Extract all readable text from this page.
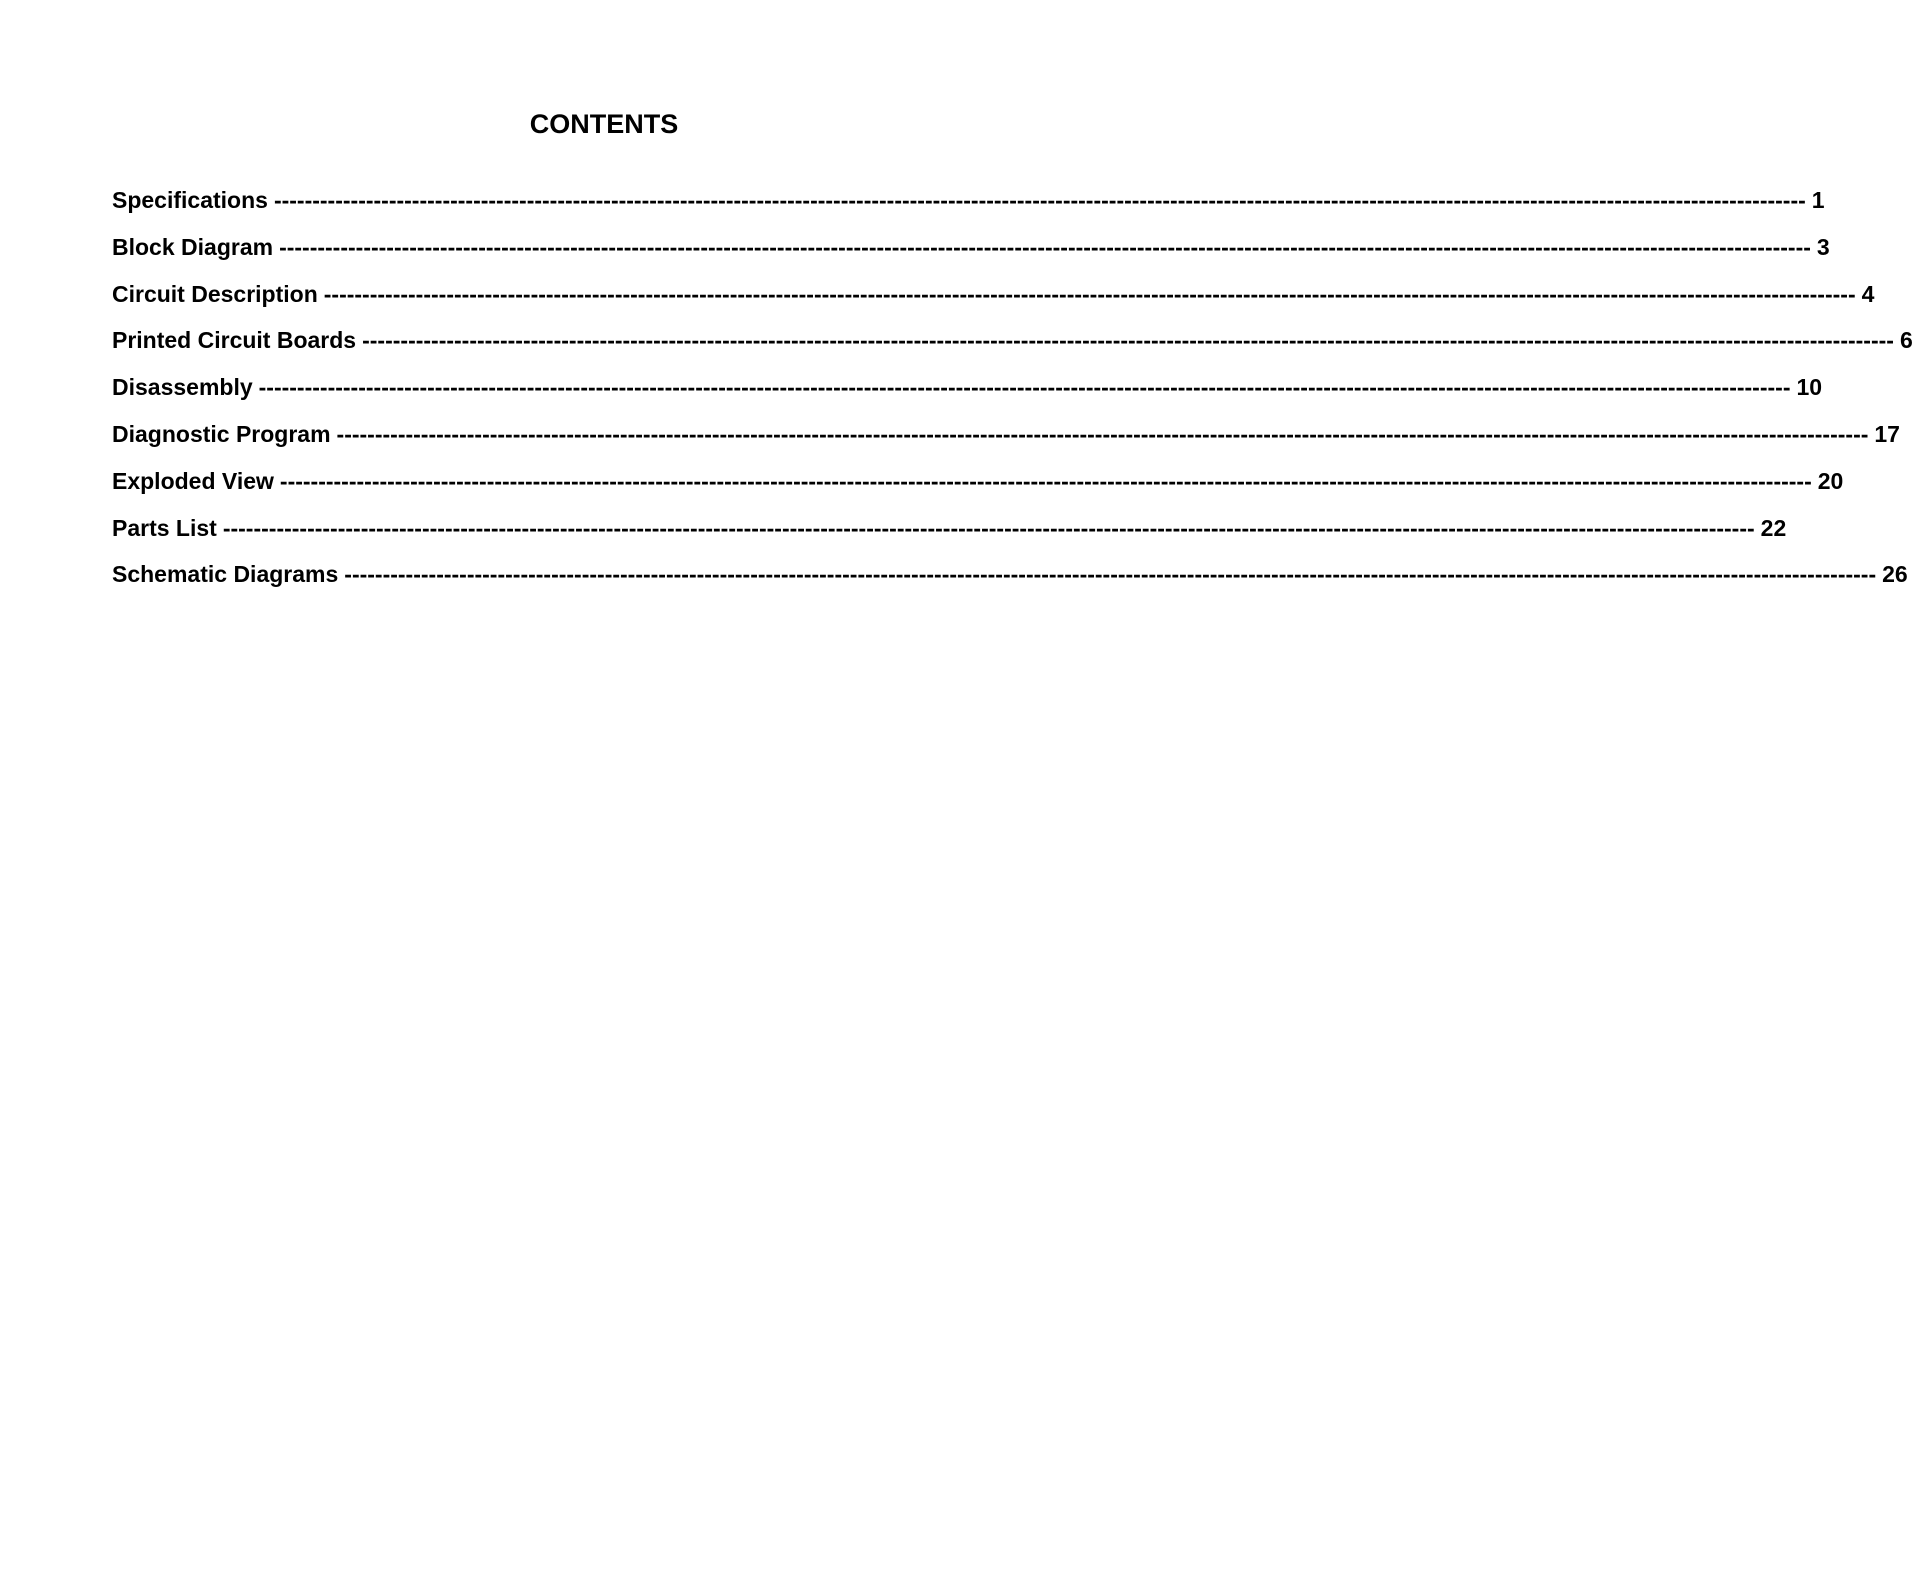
CONTENTS
Specifications -------------------------------------------------------------------------------------------------------------------------------------------------------------------------------------------------------- 1
Block Diagram -------------------------------------------------------------------------------------------------------------------------------------------------------------------------------------------------------- 3
Circuit Description -------------------------------------------------------------------------------------------------------------------------------------------------------------------------------------------------------- 4
Printed Circuit Boards -------------------------------------------------------------------------------------------------------------------------------------------------------------------------------------------------------- 6
Disassembly -------------------------------------------------------------------------------------------------------------------------------------------------------------------------------------------------------- 10
Diagnostic Program -------------------------------------------------------------------------------------------------------------------------------------------------------------------------------------------------------- 17
Exploded View -------------------------------------------------------------------------------------------------------------------------------------------------------------------------------------------------------- 20
Parts List -------------------------------------------------------------------------------------------------------------------------------------------------------------------------------------------------------- 22
Schematic Diagrams -------------------------------------------------------------------------------------------------------------------------------------------------------------------------------------------------------- 26
